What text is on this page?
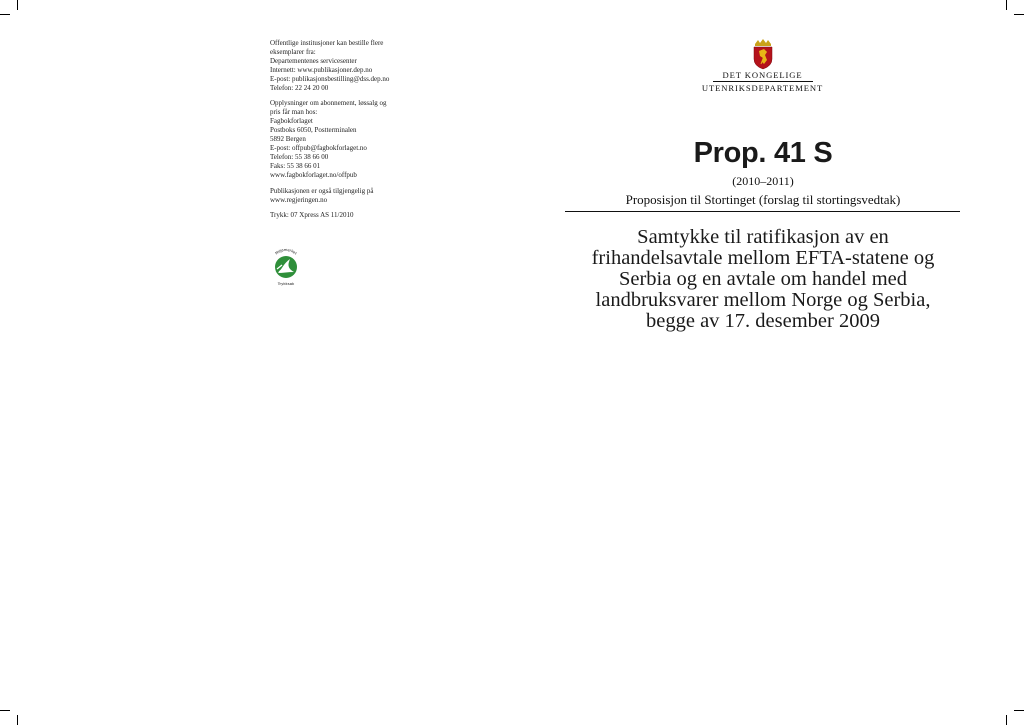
Offentlige institusjoner kan bestille flere
eksemplarer fra:
Departementenes servicesenter
Internett: www.publikasjoner.dep.no
E-post: publikasjonsbestilling@dss.dep.no
Telefon: 22 24 20 00
Opplysninger om abonnement, løssalg og
pris får man hos:
Fagbokforlaget
Postboks 6050, Postterminalen
5892 Bergen
E-post: offpub@fagbokforlaget.no
Telefon: 55 38 66 00
Faks: 55 38 66 01
www.fagbokforlaget.no/offpub
Publikasjonen er også tilgjengelig på
www.regjeringen.no
Trykk: 07 Xpress AS 11/2010
Miljømerket
Trykksak
DET KONGELIGE
UTENRIKSDEPARTEMENT
Prop. 41 S
(2010–2011)
Proposisjon til Stortinget (forslag til stortingsvedtak)
Samtykke til ratifikasjon av en
frihandelsavtale mellom EFTA-statene og
Serbia og en avtale om handel med
landbruksvarer mellom Norge og Serbia,
begge av 17. desember 2009
